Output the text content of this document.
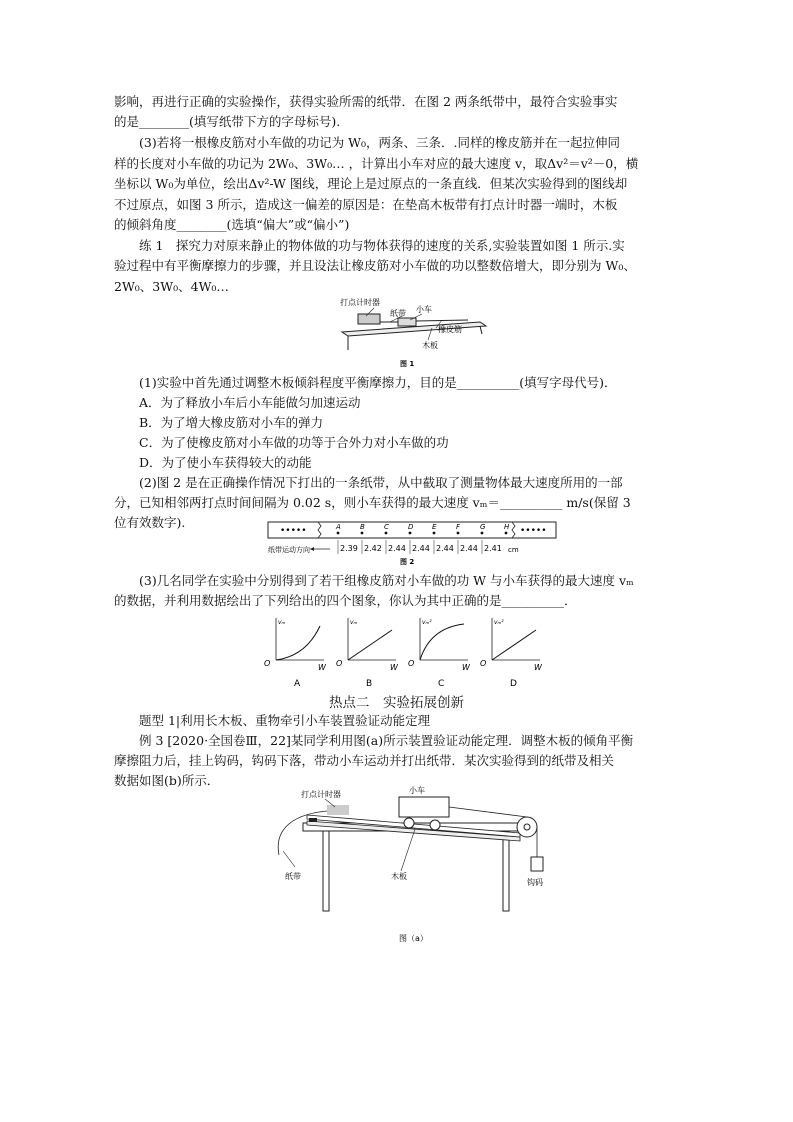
影响，再进行正确的实验操作，获得实验所需的纸带．在图 2 两条纸带中，最符合实验事实
的是________(填写纸带下方的字母标号).
(3)若将一根橡皮筋对小车做的功记为 W₀，两条、三条．.同样的橡皮筋并在一起拉伸同
样的长度对小车做的功记为 2W₀、3W₀… ，计算出小车对应的最大速度 v，取Δv²＝v²－0，横
坐标以 W₀为单位，绘出Δv²-W 图线，理论上是过原点的一条直线．但某次实验得到的图线却
不过原点，如图 3 所示，造成这一偏差的原因是：在垫高木板带有打点计时器一端时，木板
的倾斜角度________(选填“偏大”或“偏小”)
练 1　探究力对原来静止的物体做的功与物体获得的速度的关系,实验装置如图 1 所示.实
验过程中有平衡摩擦力的步骤，并且设法让橡皮筋对小车做的功以整数倍增大，即分别为 W₀、
2W₀、3W₀、4W₀…
打点计时器
纸带 小车
橡皮筋
木板
图 1
(1)实验中首先通过调整木板倾斜程度平衡摩擦力，目的是__________(填写字母代号)．
A．为了释放小车后小车能做匀加速运动
B．为了增大橡皮筋对小车的弹力
C．为了使橡皮筋对小车做的功等于合外力对小车做的功
D．为了使小车获得较大的动能
(2)图 2 是在正确操作情况下打出的一条纸带，从中截取了测量物体最大速度所用的一部
分，已知相邻两打点时间间隔为 0.02 s，则小车获得的最大速度 vₘ＝__________ m/s(保留 3
位有效数字).
•••••	•••••
A	B	C	D	E	F	G	H
2.39 2.42 2.44 2.44 2.44 2.44 2.41
纸带运动方向	cm
图 2
(3)几名同学在实验中分别得到了若干组橡皮筋对小车做的功 W 与小车获得的最大速度 vₘ
的数据，并利用数据绘出了下列给出的四个图象，你认为其中正确的是__________．
O
vₘ
W
A
O
vₘ
W
B
O
vₘ²
W
C
O
vₘ²
W
D
热点二　实验拓展创新
题型 1|利用长木板、重物牵引小车装置验证动能定理
例 3 [2020·全国卷Ⅲ，22]某同学利用图(a)所示装置验证动能定理．调整木板的倾角平衡
摩擦阻力后，挂上钩码，钩码下落，带动小车运动并打出纸带．某次实验得到的纸带及相关
数据如图(b)所示．
打点计时器	小车
纸带	木板
钩码
图（a）
